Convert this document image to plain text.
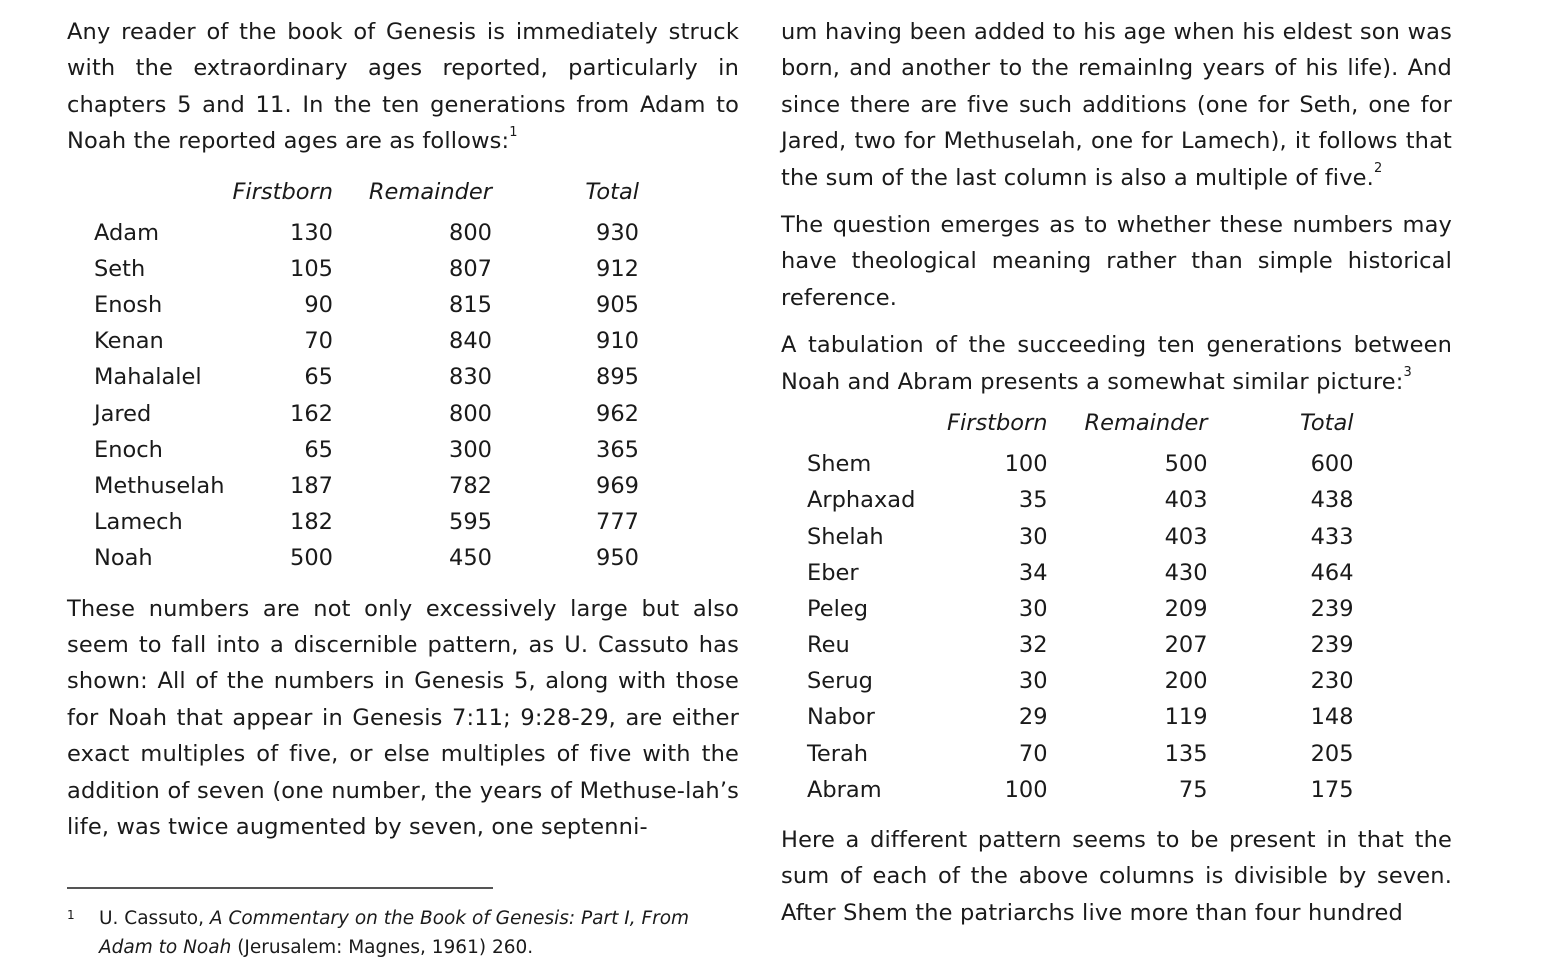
Any reader of the book of Genesis is immediately struck with the extraordinary ages reported, particularly in chapters 5 and 11. In the ten generations from Adam to Noah the reported ages are as follows:$^1$

	Firstborn	Remainder	Total
Adam	130	800	930
Seth	105	807	912
Enosh	90	815	905
Kenan	70	840	910
Mahalalel	65	830	895
Jared	162	800	962
Enoch	65	300	365
Methuselah	187	782	969
Lamech	182	595	777
Noah	500	450	950

These numbers are not only excessively large but also seem to fall into a discernible pattern, as U. Cassuto has shown: All of the numbers in Genesis 5, along with those for Noah that appear in Genesis 7:11; 9:28-29, are either exact multiples of five, or else multiples of five with the addition of seven (one number, the years of Methuse-lah’s life, was twice augmented by seven, one septenni-

um having been added to his age when his eldest son was born, and another to the remainIng years of his life). And since there are five such additions (one for Seth, one for Jared, two for Methuselah, one for Lamech), it follows that the sum of the last column is also a multiple of five.$^2$

The question emerges as to whether these numbers may have theological meaning rather than simple historical reference.

A tabulation of the succeeding ten generations between Noah and Abram presents a somewhat similar picture:$^3$

	Firstborn	Remainder	Total
Shem	100	500	600
Arphaxad	35	403	438
Shelah	30	403	433
Eber	34	430	464
Peleg	30	209	239
Reu	32	207	239
Serug	30	200	230
Nabor	29	119	148
Terah	70	135	205
Abram	100	75	175

Here a different pattern seems to be present in that the sum of each of the above columns is divisible by seven. After Shem the patriarchs live more than four hundred

1	U. Cassuto, A Commentary on the Book of Genesis: Part I, From Adam to Noah (Jerusalem: Magnes, 1961) 260.
